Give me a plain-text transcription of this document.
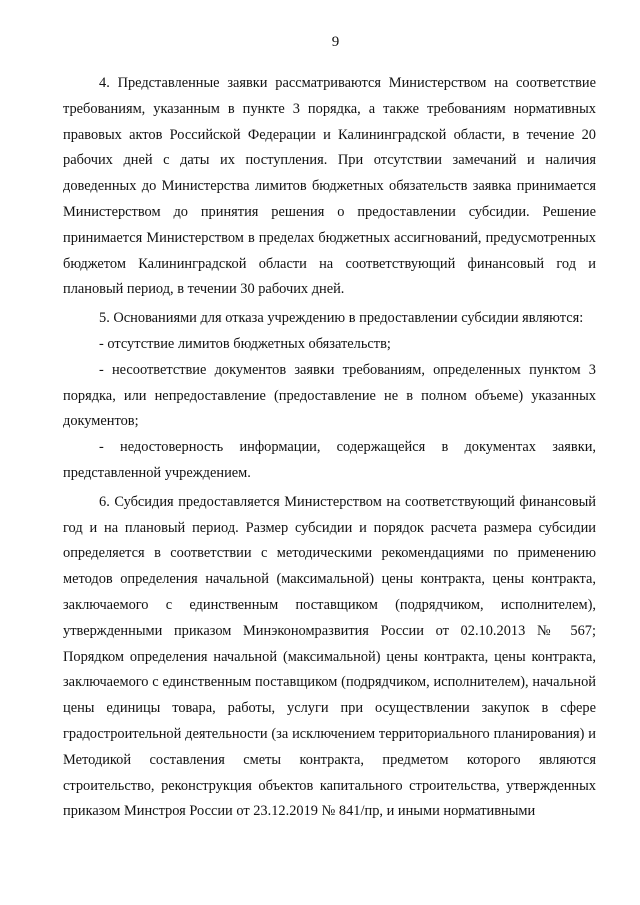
9

4. Представленные заявки рассматриваются Министерством на соответствие требованиям, указанным в пункте 3 порядка, а также требованиям нормативных правовых актов Российской Федерации и Калининградской области, в течение 20 рабочих дней с даты их поступления. При отсутствии замечаний и наличия доведенных до Министерства лимитов бюджетных обязательств заявка принимается Министерством до принятия решения о предоставлении субсидии. Решение принимается Министерством в пределах бюджетных ассигнований, предусмотренных бюджетом Калининградской области на соответствующий финансовый год и плановый период, в течении 30 рабочих дней.

5. Основаниями для отказа учреждению в предоставлении субсидии являются:

- отсутствие лимитов бюджетных обязательств;

- несоответствие документов заявки требованиям, определенных пунктом 3 порядка, или непредоставление (предоставление не в полном объеме) указанных документов;

- недостоверность информации, содержащейся в документах заявки, представленной учреждением.

6. Субсидия предоставляется Министерством на соответствующий финансовый год и на плановый период. Размер субсидии и порядок расчета размера субсидии определяется в соответствии с методическими рекомендациями по применению методов определения начальной (максимальной) цены контракта, цены контракта, заключаемого с единственным поставщиком (подрядчиком, исполнителем), утвержденными приказом Минэкономразвития России от 02.10.2013 № 567; Порядком определения начальной (максимальной) цены контракта, цены контракта, заключаемого с единственным поставщиком (подрядчиком, исполнителем), начальной цены единицы товара, работы, услуги при осуществлении закупок в сфере градостроительной деятельности (за исключением территориального планирования) и Методикой составления сметы контракта, предметом которого являются строительство, реконструкция объектов капитального строительства, утвержденных приказом Минстроя России от 23.12.2019 № 841/пр, и иными нормативными
